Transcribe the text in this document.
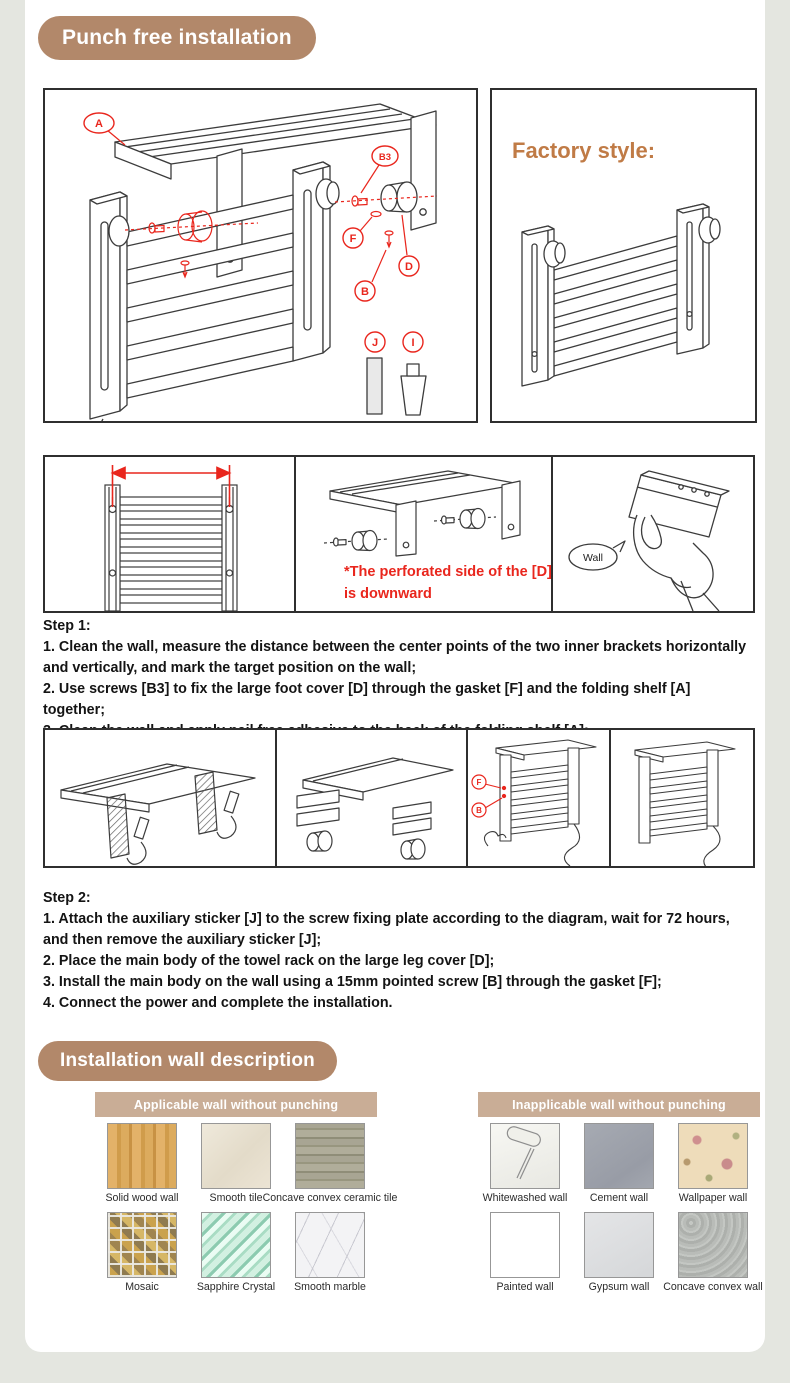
Punch free installation
A
B3
F
D
B
J	I
Factory style:
*The perforated side of the [D]
is downward
Wall
Step 1:

1. Clean the wall, measure the distance between the center points of the two inner brackets horizontally and vertically, and mark the target position on the wall;

2. Use screws [B3] to fix the large foot cover [D] through the gasket [F] and the folding shelf [A] together;

F
B
Step 2:

1. Attach the auxiliary sticker [J] to the screw fixing plate according to the diagram, wait for 72 hours, and then remove the auxiliary sticker [J];

2. Place the main body of the towel rack on the large leg cover [D];

3. Install the main body on the wall using a 15mm pointed screw [B] through the gasket [F];

4. Connect the power and complete the installation.

Installation wall description
Applicable wall without punching
Solid wood wall	Smooth tile Concave convex ceramic tile
Mosaic	Sapphire Crystal Smooth marble
Inapplicable wall without punching
Whitewashed wall Cement wall	Wallpaper wall
Painted wall	Gypsum wall Concave convex wall
